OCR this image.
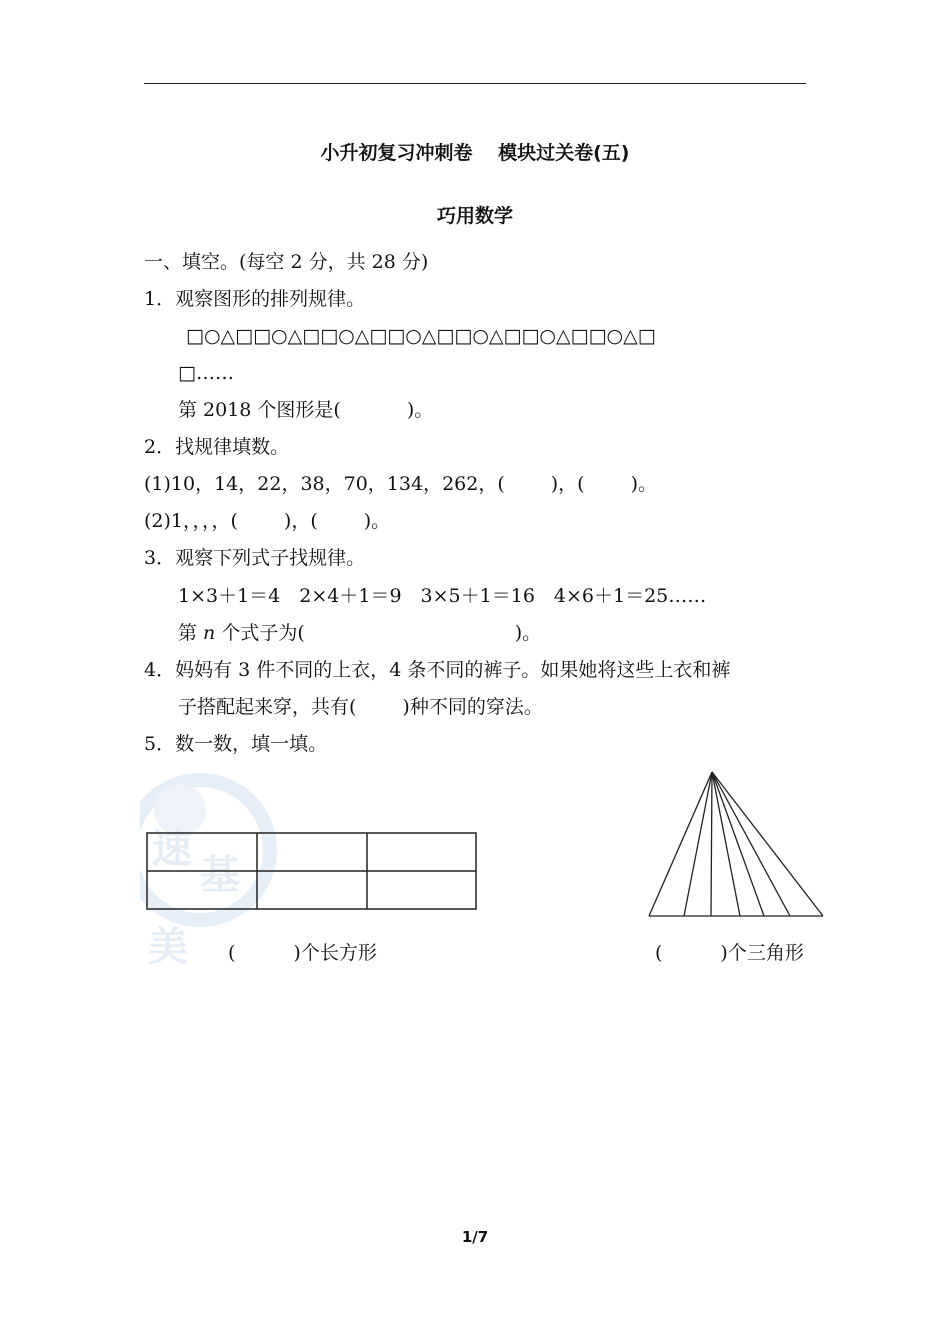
小升初复习冲刺卷　 模块过关卷(五)
巧用数学
一、填空。(每空 2 分，共 28 分)
1．观察图形的排列规律。
□○△□□○△□□○△□□○△□□○△□□○△□□○△□
□……
第 2018 个图形是(	)。
2．找规律填数。
(1)10，14，22，38，70，134，262，( )，( )。
(2)1，，，，( )，( )。
3．观察下列式子找规律。
1×3＋1＝4　2×4＋1＝9　3×5＋1＝16　4×6＋1＝25……
第 n 个式子为(	)。
4．妈妈有 3 件不同的上衣，4 条不同的裤子。如果她将这些上衣和裤
子搭配起来穿，共有( )种不同的穿法。
5．数一数，填一填。
速
基
美 (	)个长方形	(	)个三角形
1/7
